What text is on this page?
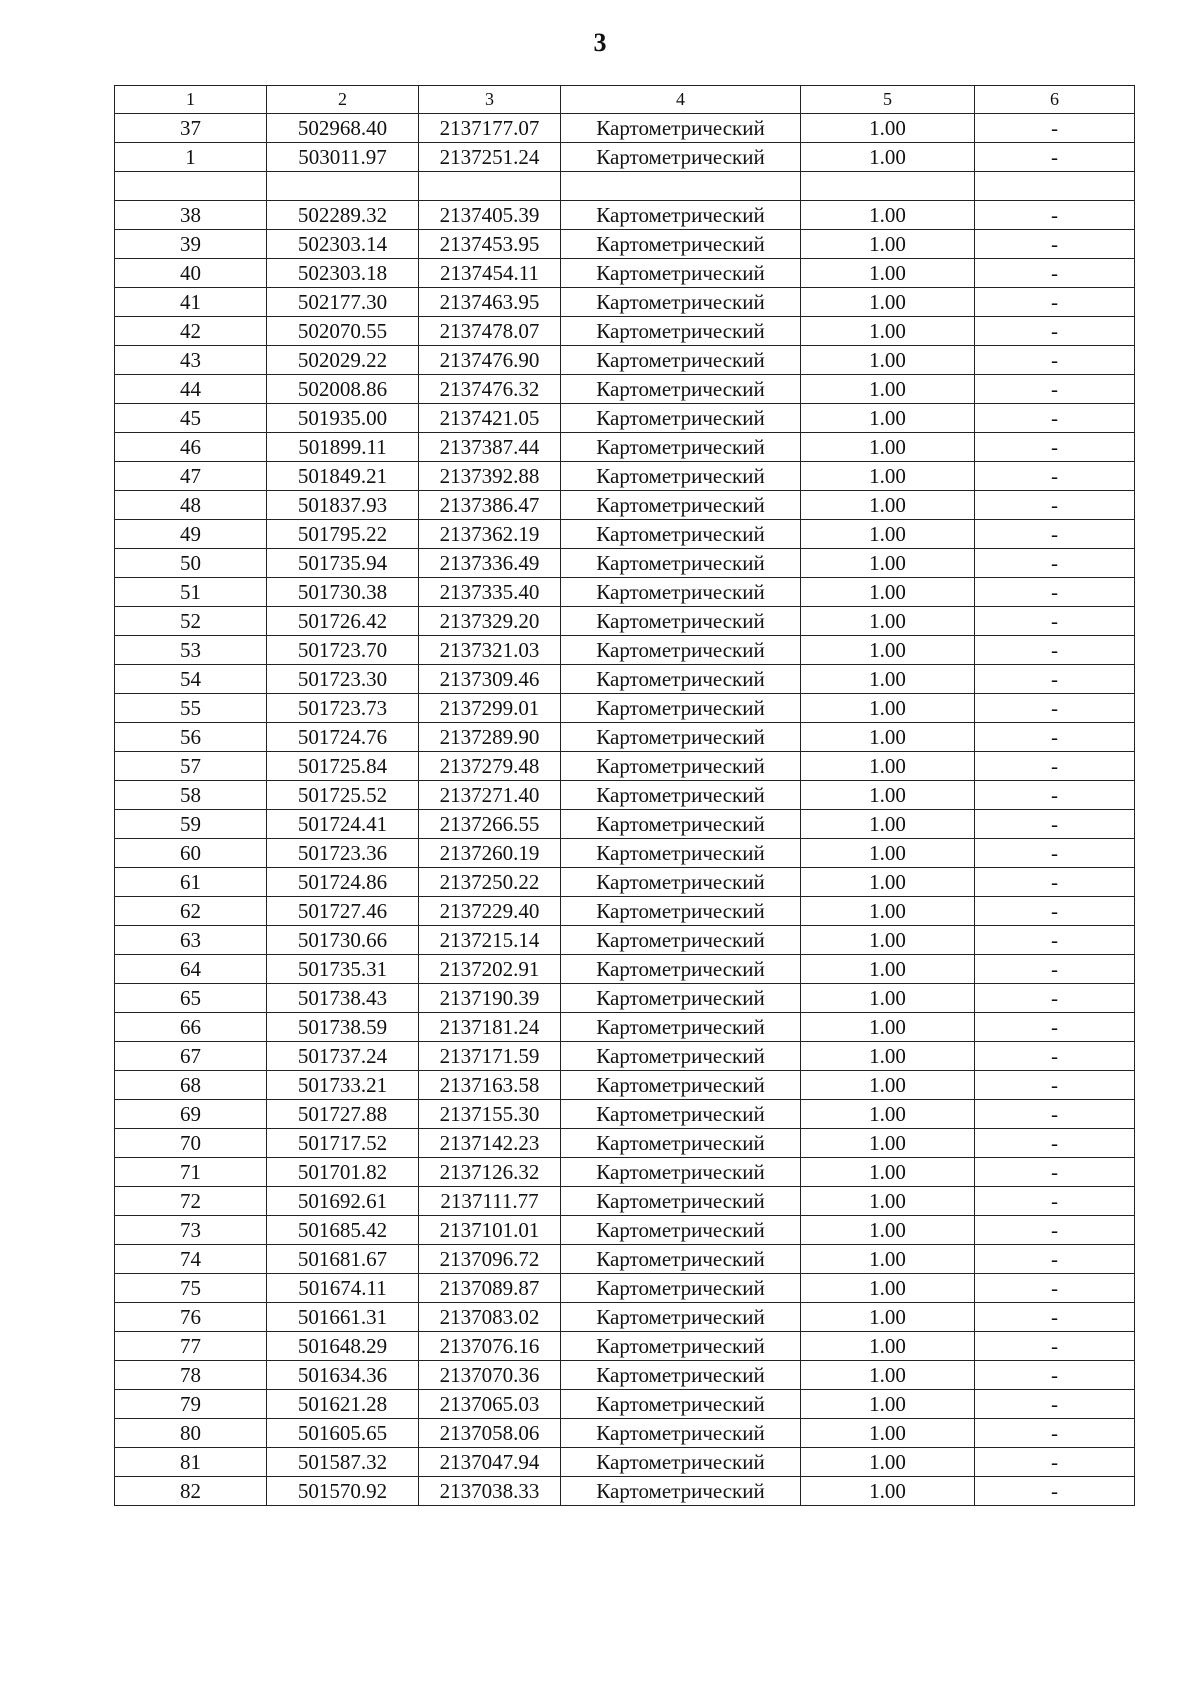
3
1	2	3	4	5	6
37	502968.40	2137177.07	Картометрический	1.00	-
1	503011.97	2137251.24	Картометрический	1.00	-

38	502289.32	2137405.39	Картометрический	1.00	-
39	502303.14	2137453.95	Картометрический	1.00	-
40	502303.18	2137454.11	Картометрический	1.00	-
41	502177.30	2137463.95	Картометрический	1.00	-
42	502070.55	2137478.07	Картометрический	1.00	-
43	502029.22	2137476.90	Картометрический	1.00	-
44	502008.86	2137476.32	Картометрический	1.00	-
45	501935.00	2137421.05	Картометрический	1.00	-
46	501899.11	2137387.44	Картометрический	1.00	-
47	501849.21	2137392.88	Картометрический	1.00	-
48	501837.93	2137386.47	Картометрический	1.00	-
49	501795.22	2137362.19	Картометрический	1.00	-
50	501735.94	2137336.49	Картометрический	1.00	-
51	501730.38	2137335.40	Картометрический	1.00	-
52	501726.42	2137329.20	Картометрический	1.00	-
53	501723.70	2137321.03	Картометрический	1.00	-
54	501723.30	2137309.46	Картометрический	1.00	-
55	501723.73	2137299.01	Картометрический	1.00	-
56	501724.76	2137289.90	Картометрический	1.00	-
57	501725.84	2137279.48	Картометрический	1.00	-
58	501725.52	2137271.40	Картометрический	1.00	-
59	501724.41	2137266.55	Картометрический	1.00	-
60	501723.36	2137260.19	Картометрический	1.00	-
61	501724.86	2137250.22	Картометрический	1.00	-
62	501727.46	2137229.40	Картометрический	1.00	-
63	501730.66	2137215.14	Картометрический	1.00	-
64	501735.31	2137202.91	Картометрический	1.00	-
65	501738.43	2137190.39	Картометрический	1.00	-
66	501738.59	2137181.24	Картометрический	1.00	-
67	501737.24	2137171.59	Картометрический	1.00	-
68	501733.21	2137163.58	Картометрический	1.00	-
69	501727.88	2137155.30	Картометрический	1.00	-
70	501717.52	2137142.23	Картометрический	1.00	-
71	501701.82	2137126.32	Картометрический	1.00	-
72	501692.61	2137111.77	Картометрический	1.00	-
73	501685.42	2137101.01	Картометрический	1.00	-
74	501681.67	2137096.72	Картометрический	1.00	-
75	501674.11	2137089.87	Картометрический	1.00	-
76	501661.31	2137083.02	Картометрический	1.00	-
77	501648.29	2137076.16	Картометрический	1.00	-
78	501634.36	2137070.36	Картометрический	1.00	-
79	501621.28	2137065.03	Картометрический	1.00	-
80	501605.65	2137058.06	Картометрический	1.00	-
81	501587.32	2137047.94	Картометрический	1.00	-
82	501570.92	2137038.33	Картометрический	1.00	-
